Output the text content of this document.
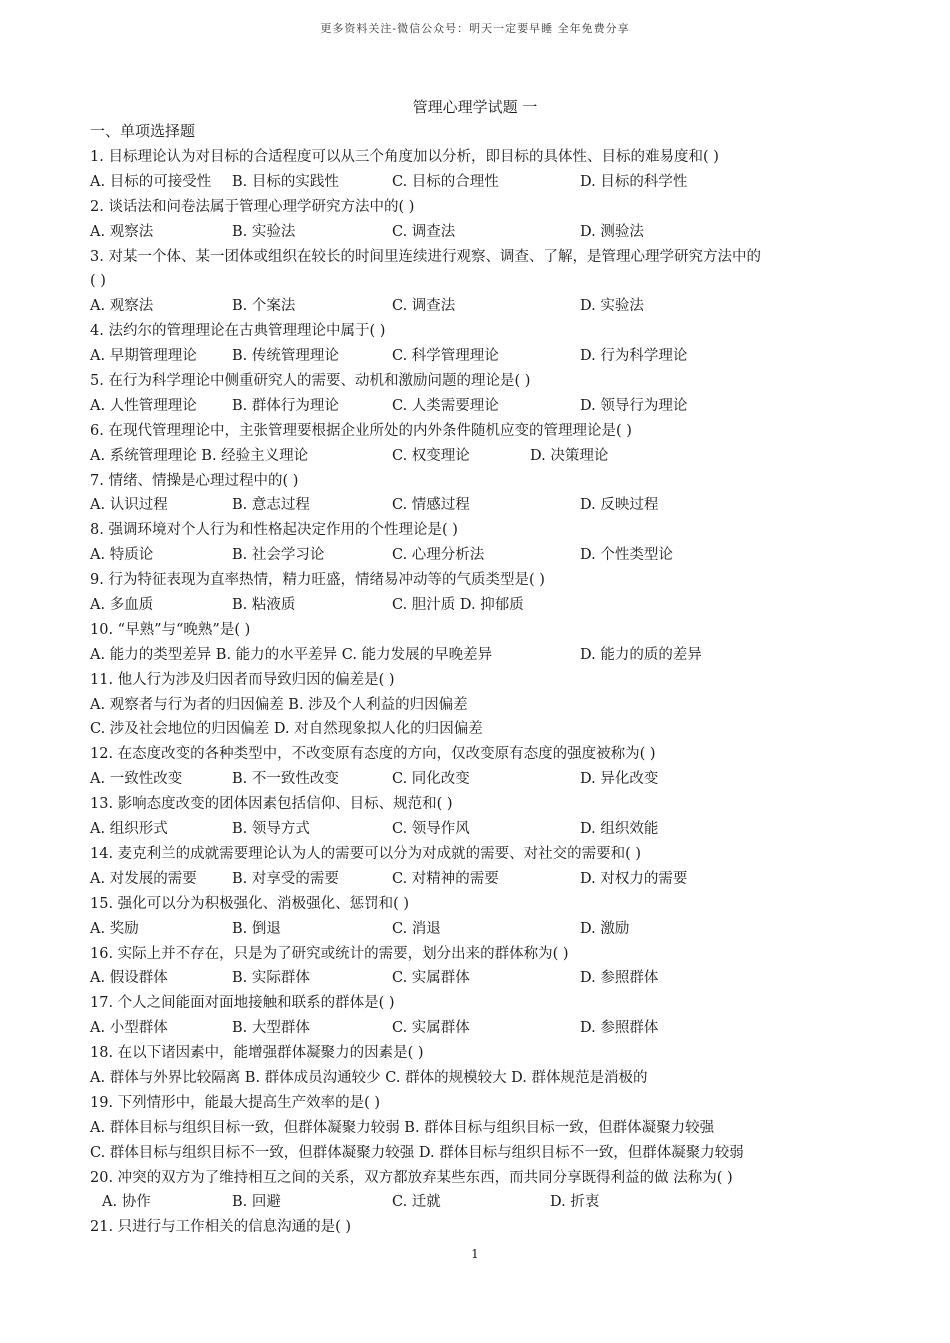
更多资料关注-微信公众号：明天一定要早睡 全年免费分享
管理心理学试题 一
一、单项选择题
1. 目标理论认为对目标的合适程度可以从三个角度加以分析，即目标的具体性、目标的难易度和( )
A. 目标的可接受性 B. 目标的实践性	C. 目标的合理性	D. 目标的科学性
2. 谈话法和问卷法属于管理心理学研究方法中的( )
A. 观察法	B. 实验法	C. 调查法	D. 测验法
3. 对某一个体、某一团体或组织在较长的时间里连续进行观察、调查、了解，是管理心理学研究方法中的
( )
A. 观察法	B. 个案法	C. 调查法	D. 实验法
4. 法约尔的管理理论在古典管理理论中属于( )
A. 早期管理理论 B. 传统管理理论	C. 科学管理理论	D. 行为科学理论
5. 在行为科学理论中侧重研究人的需要、动机和激励问题的理论是( )
A. 人性管理理论 B. 群体行为理论	C. 人类需要理论	D. 领导行为理论
6. 在现代管理理论中，主张管理要根据企业所处的内外条件随机应变的管理理论是( )
A. 系统管理理论 B. 经验主义理论	C. 权变理论	D. 决策理论
7. 情绪、情操是心理过程中的( )
A. 认识过程	B. 意志过程	C. 情感过程	D. 反映过程
8. 强调环境对个人行为和性格起决定作用的个性理论是( )
A. 特质论	B. 社会学习论	C. 心理分析法	D. 个性类型论
9. 行为特征表现为直率热情，精力旺盛，情绪易冲动等的气质类型是( )
A. 多血质	B. 粘液质	C. 胆汁质 D. 抑郁质
10. “早熟”与“晚熟”是( )
A. 能力的类型差异 B. 能力的水平差异 C. 能力发展的早晚差异	D. 能力的质的差异
11. 他人行为涉及归因者而导致归因的偏差是( )
A. 观察者与行为者的归因偏差 B. 涉及个人利益的归因偏差
C. 涉及社会地位的归因偏差 D. 对自然现象拟人化的归因偏差
12. 在态度改变的各种类型中，不改变原有态度的方向，仅改变原有态度的强度被称为( )
A. 一致性改变	B. 不一致性改变	C. 同化改变	D. 异化改变
13. 影响态度改变的团体因素包括信仰、目标、规范和( )
A. 组织形式	B. 领导方式	C. 领导作风	D. 组织效能
14. 麦克利兰的成就需要理论认为人的需要可以分为对成就的需要、对社交的需要和( )
A. 对发展的需要 B. 对享受的需要	C. 对精神的需要	D. 对权力的需要
15. 强化可以分为积极强化、消极强化、惩罚和( )
A. 奖励	B. 倒退	C. 消退	D. 激励
16. 实际上并不存在，只是为了研究或统计的需要，划分出来的群体称为( )
A. 假设群体	B. 实际群体	C. 实属群体	D. 参照群体
17. 个人之间能面对面地接触和联系的群体是( )
A. 小型群体	B. 大型群体	C. 实属群体	D. 参照群体
18. 在以下诸因素中，能增强群体凝聚力的因素是( )
A. 群体与外界比较隔离 B. 群体成员沟通较少 C. 群体的规模较大 D. 群体规范是消极的
19. 下列情形中，能最大提高生产效率的是( )
A. 群体目标与组织目标一致，但群体凝聚力较弱 B. 群体目标与组织目标一致，但群体凝聚力较强
C. 群体目标与组织目标不一致，但群体凝聚力较强 D. 群体目标与组织目标不一致，但群体凝聚力较弱
20. 冲突的双方为了维持相互之间的关系，双方都放弃某些东西，而共同分享既得利益的做 法称为( )
A. 协作	B. 回避	C. 迁就	D. 折衷
21. 只进行与工作相关的信息沟通的是( )
1
